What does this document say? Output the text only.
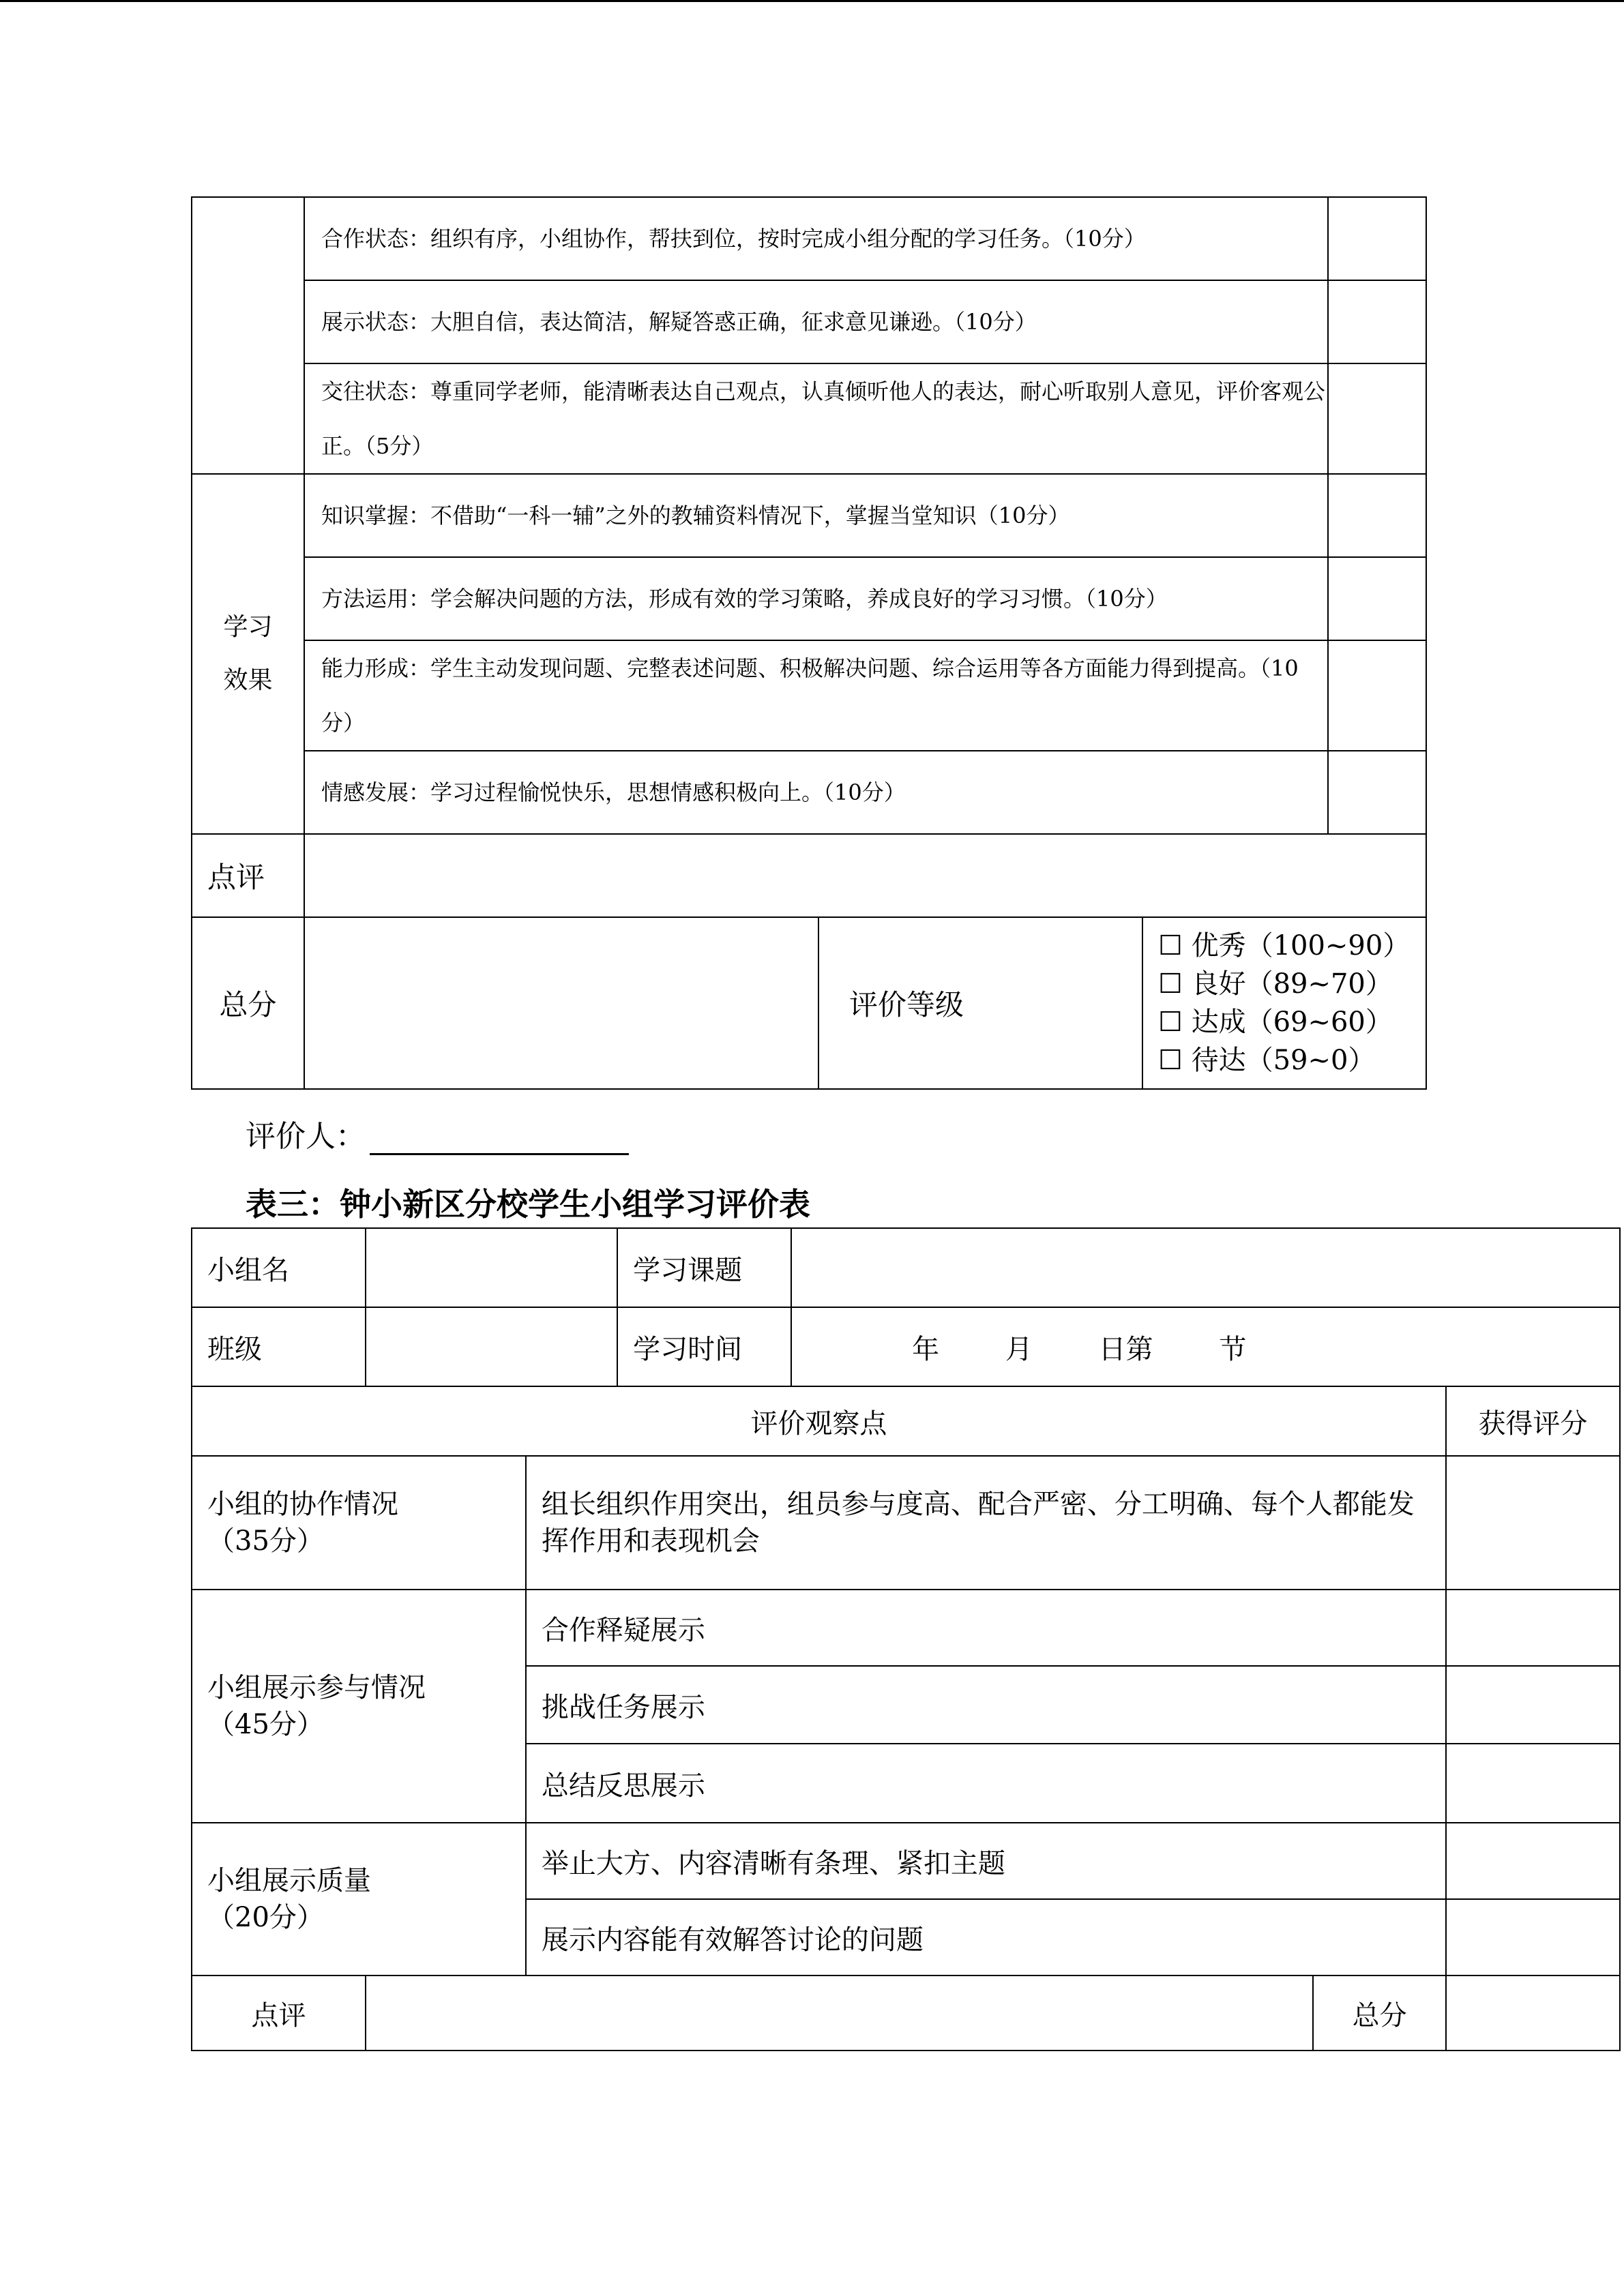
	合作状态：组织有序，小组协作，帮扶到位，按时完成小组分配的学习任务。（10分）			
	展示状态：大胆自信，表达简洁，解疑答惑正确，征求意见谦逊。（10分）			
	交往状态：尊重同学老师，能清晰表达自己观点，认真倾听他人的表达，耐心听取别人意见，评价客观公正。（5分）			

学习
效果	知识掌握：不借助“一科一辅”之外的教辅资料情况下，掌握当堂知识（10分）			
	方法运用：学会解决问题的方法，形成有效的学习策略，养成良好的学习习惯。（10分）			
	能力形成：学生主动发现问题、完整表述问题、积极解决问题、综合运用等各方面能力得到提高。（10分）			
	情感发展：学习过程愉悦快乐，思想情感积极向上。（10分）			
点评				
总分		评价等级	☐ 优秀（100~90）
☐ 良好（89~70）
☐ 达成（69~60）
☐ 待达（59~0）	
评价人：
表三：钟小新区分校学生小组学习评价表
小组名			学习课题			
班级			学习时间	年 月 日第 节		
评价观察点						获得评分

小组的协作情况
（35分）		组长组织作用突出，组员参与度高、配合严密、分工明确、每个人都能发挥作用和表现机会				

小组展示参与情况
（45分）		合作释疑展示				
		挑战任务展示				
		总结反思展示				

小组展示质量
（20分）		举止大方、内容清晰有条理、紧扣主题				
		展示内容能有效解答讨论的问题				
点评					总分	
